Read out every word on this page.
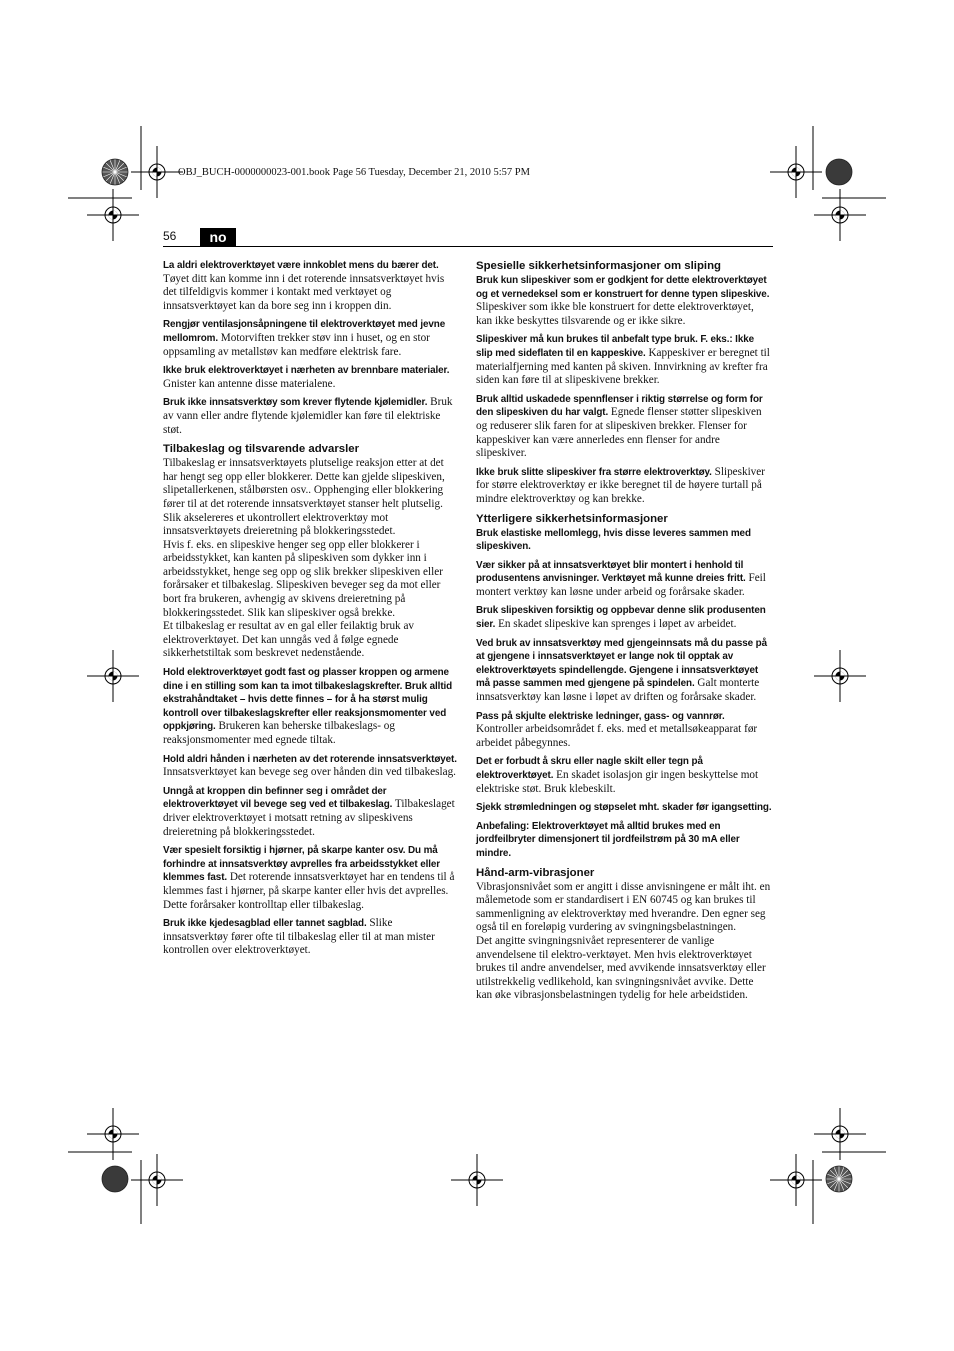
OBJ_BUCH-0000000023-001.book Page 56 Tuesday, December 21, 2010 5:57 PM
56	no

La aldri elektroverktøyet være innkoblet mens du bærer det. Tøyet ditt kan komme inn i det roterende innsatsverktøyet hvis det tilfeldigvis kommer i kontakt med verktøyet og innsatsverktøyet kan da bore seg inn i kroppen din.

Rengjør ventilasjonsåpningene til elektroverktøyet med jevne mellomrom. Motorviften trekker støv inn i huset, og en stor oppsamling av metallstøv kan medføre elektrisk fare.

Ikke bruk elektroverktøyet i nærheten av brennbare materialer. Gnister kan antenne disse materialene.

Bruk ikke innsatsverktøy som krever flytende kjølemidler. Bruk av vann eller andre flytende kjølemidler kan føre til elektriske støt.

Tilbakeslag og tilsvarende advarsler

Tilbakeslag er innsatsverktøyets plutselige reaksjon etter at det har hengt seg opp eller blokkerer. Dette kan gjelde slipeskiven, slipetallerkenen, stålbørsten osv.. Opphenging eller blokkering fører til at det roterende innsatsverktøyet stanser helt plutselig. Slik akselereres et ukontrollert elektroverktøy mot innsatsverktøyets dreieretning på blokkeringsstedet.

Hvis f. eks. en slipeskive henger seg opp eller blokkerer i arbeidsstykket, kan kanten på slipeskiven som dykker inn i arbeidsstykket, henge seg opp og slik brekker slipeskiven eller forårsaker et tilbakeslag. Slipeskiven beveger seg da mot eller bort fra brukeren, avhengig av skivens dreieretning på blokkeringsstedet. Slik kan slipeskiver også brekke.

Et tilbakeslag er resultat av en gal eller feilaktig bruk av elektroverktøyet. Det kan unngås ved å følge egnede sikkerhetstiltak som beskrevet nedenstående.

Hold elektroverktøyet godt fast og plasser kroppen og armene dine i en stilling som kan ta imot tilbakeslagskrefter. Bruk alltid ekstrahåndtaket – hvis dette finnes – for å ha størst mulig kontroll over tilbakeslagskrefter eller reaksjonsmomenter ved oppkjøring. Brukeren kan beherske tilbakeslags- og reaksjonsmomenter med egnede tiltak.

Hold aldri hånden i nærheten av det roterende innsatsverktøyet. Innsatsverktøyet kan bevege seg over hånden din ved tilbakeslag.

Unngå at kroppen din befinner seg i området der elektroverktøyet vil bevege seg ved et tilbakeslag. Tilbakeslaget driver elektroverktøyet i motsatt retning av slipeskivens dreieretning på blokkeringsstedet.

Vær spesielt forsiktig i hjørner, på skarpe kanter osv. Du må forhindre at innsatsverktøy avprelles fra arbeidsstykket eller klemmes fast. Det roterende innsatsverktøyet har en tendens til å klemmes fast i hjørner, på skarpe kanter eller hvis det avprelles. Dette forårsaker kontrolltap eller tilbakeslag.

Bruk ikke kjedesagblad eller tannet sagblad. Slike innsatsverktøy fører ofte til tilbakeslag eller til at man mister kontrollen over elektroverktøyet.

Spesielle sikkerhetsinformasjoner om sliping

Bruk kun slipeskiver som er godkjent for dette elektroverktøyet og et vernedeksel som er konstruert for denne typen slipeskive. Slipeskiver som ikke ble konstruert for dette elektroverktøyet, kan ikke beskyttes tilsvarende og er ikke sikre.

Slipeskiver må kun brukes til anbefalt type bruk. F. eks.: Ikke slip med sideflaten til en kappeskive. Kappeskiver er beregnet til materialfjerning med kanten på skiven. Innvirkning av krefter fra siden kan føre til at slipeskivene brekker.

Bruk alltid uskadede spennflenser i riktig størrelse og form for den slipeskiven du har valgt. Egnede flenser støtter slipeskiven og reduserer slik faren for at slipeskiven brekker. Flenser for kappeskiver kan være annerledes enn flenser for andre slipeskiver.

Ikke bruk slitte slipeskiver fra større elektroverktøy. Slipeskiver for større elektroverktøy er ikke beregnet til de høyere turtall på mindre elektroverktøy og kan brekke.

Ytterligere sikkerhetsinformasjoner

Bruk elastiske mellomlegg, hvis disse leveres sammen med slipeskiven.

Vær sikker på at innsatsverktøyet blir montert i henhold til produsentens anvisninger. Verktøyet må kunne dreies fritt. Feil montert verktøy kan løsne under arbeid og forårsake skader.

Bruk slipeskiven forsiktig og oppbevar denne slik produsenten sier. En skadet slipeskive kan sprenges i løpet av arbeidet.

Ved bruk av innsatsverktøy med gjengeinnsats må du passe på at gjengene i innsatsverktøyet er lange nok til opptak av elektroverktøyets spindellengde. Gjengene i innsatsverktøyet må passe sammen med gjengene på spindelen. Galt monterte innsatsverktøy kan løsne i løpet av driften og forårsake skader.

Pass på skjulte elektriske ledninger, gass- og vannrør. Kontroller arbeidsområdet f. eks. med et metallsøkeapparat før arbeidet påbegynnes.

Det er forbudt å skru eller nagle skilt eller tegn på elektroverktøyet. En skadet isolasjon gir ingen beskyttelse mot elektriske støt. Bruk klebeskilt.

Sjekk strømledningen og støpselet mht. skader før igangsetting.

Anbefaling: Elektroverktøyet må alltid brukes med en jordfeilbryter dimensjonert til jordfeilstrøm på 30 mA eller mindre.

Hånd-arm-vibrasjoner

Vibrasjonsnivået som er angitt i disse anvisningene er målt iht. en målemetode som er standardisert i EN 60745 og kan brukes til sammenligning av elektroverktøy med hverandre. Den egner seg også til en foreløpig vurdering av svingningsbelastningen.

Det angitte svingningsnivået representerer de vanlige anvendelsene til elektro-verktøyet. Men hvis elektroverktøyet brukes til andre anvendelser, med avvikende innsatsverktøy eller utilstrekkelig vedlikehold, kan svingningsnivået avvike. Dette kan øke vibrasjonsbelastningen tydelig for hele arbeidstiden.
